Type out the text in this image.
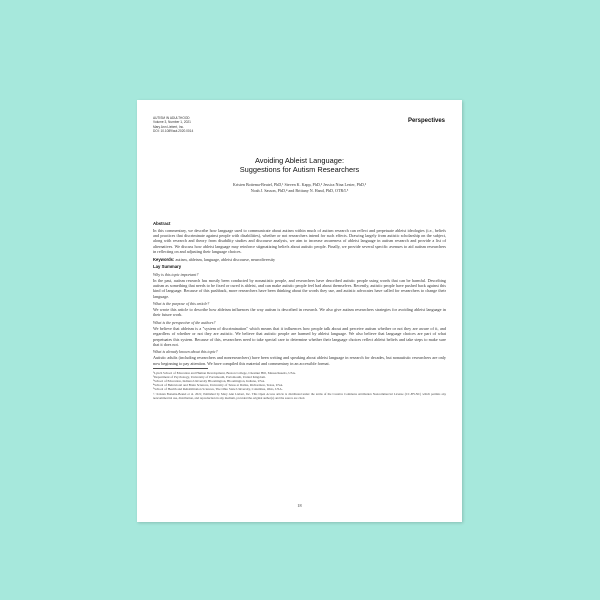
AUTISM IN ADULTHOOD
Volume 3, Number 1, 2021
Mary Ann Liebert, Inc.
DOI: 10.1089/aut.2020.0014
Perspectives
Avoiding Ableist Language:
Suggestions for Autism Researchers
Kristen Bottema-Beutel, PhD,¹ Steven K. Kapp, PhD,² Jessica Nina Lester, PhD,³
Noah J. Sasson, PhD,⁴ and Brittany N. Hand, PhD, OTR/L⁵
Abstract
In this commentary, we describe how language used to communicate about autism within much of autism research can reflect and perpetuate ableist ideologies (i.e., beliefs and practices that discriminate against people with disabilities), whether or not researchers intend for such effects. Drawing largely from autistic scholarship on the subject, along with research and theory from disability studies and discourse analysis, we aim to increase awareness of ableist language in autism research and provide a list of alternatives. We discuss how ableist language may reinforce stigmatizing beliefs about autistic people. Finally, we provide several specific avenues to aid autism researchers in reflecting on and adjusting their language choices.
Keywords: autism, ableism, language, ableist discourse, neurodiversity
Lay Summary
Why is this topic important?
In the past, autism research has mostly been conducted by nonautistic people, and researchers have described autistic people using words that can be harmful. Describing autism as something that needs to be fixed or cured is ableist, and can make autistic people feel bad about themselves. Recently, autistic people have pushed back against this kind of language. Because of this pushback, more researchers have been thinking about the words they use, and autistic advocates have called for researchers to change their language.
What is the purpose of this article?
We wrote this article to describe how ableism influences the way autism is described in research. We also give autism researchers strategies for avoiding ableist language in their future work.
What is the perspective of the authors?
We believe that ableism is a "system of discrimination" which means that it influences how people talk about and perceive autism whether or not they are aware of it, and regardless of whether or not they are autistic. We believe that autistic people are harmed by ableist language. We also believe that language choices are part of what perpetuates this system. Because of this, researchers need to take special care to determine whether their language choices reflect ableist beliefs and take steps to make sure that it does not.
What is already known about this topic?
Autistic adults (including researchers and nonresearchers) have been writing and speaking about ableist language in research for decades, but nonautistic researchers are only now beginning to pay attention. We have compiled this material and commentary in an accessible format.
¹Lynch School of Education and Human Development, Boston College, Chestnut Hill, Massachusetts, USA.
²Department of Psychology, University of Portsmouth, Portsmouth, United Kingdom.
³School of Education, Indiana University Bloomington, Bloomington, Indiana, USA.
⁴School of Behavioral and Brain Sciences, University of Texas at Dallas, Richardson, Texas, USA.
⁵School of Health and Rehabilitation Sciences, The Ohio State University, Columbus, Ohio, USA.
© Kristen Bottema-Beutel et al. 2021; Published by Mary Ann Liebert, Inc. This Open Access article is distributed under the terms of the Creative Commons Attribution Noncommercial License (CC-BY-NC) which permits any noncommercial use, distribution, and reproduction in any medium, provided the original author(s) and the source are cited.
18
